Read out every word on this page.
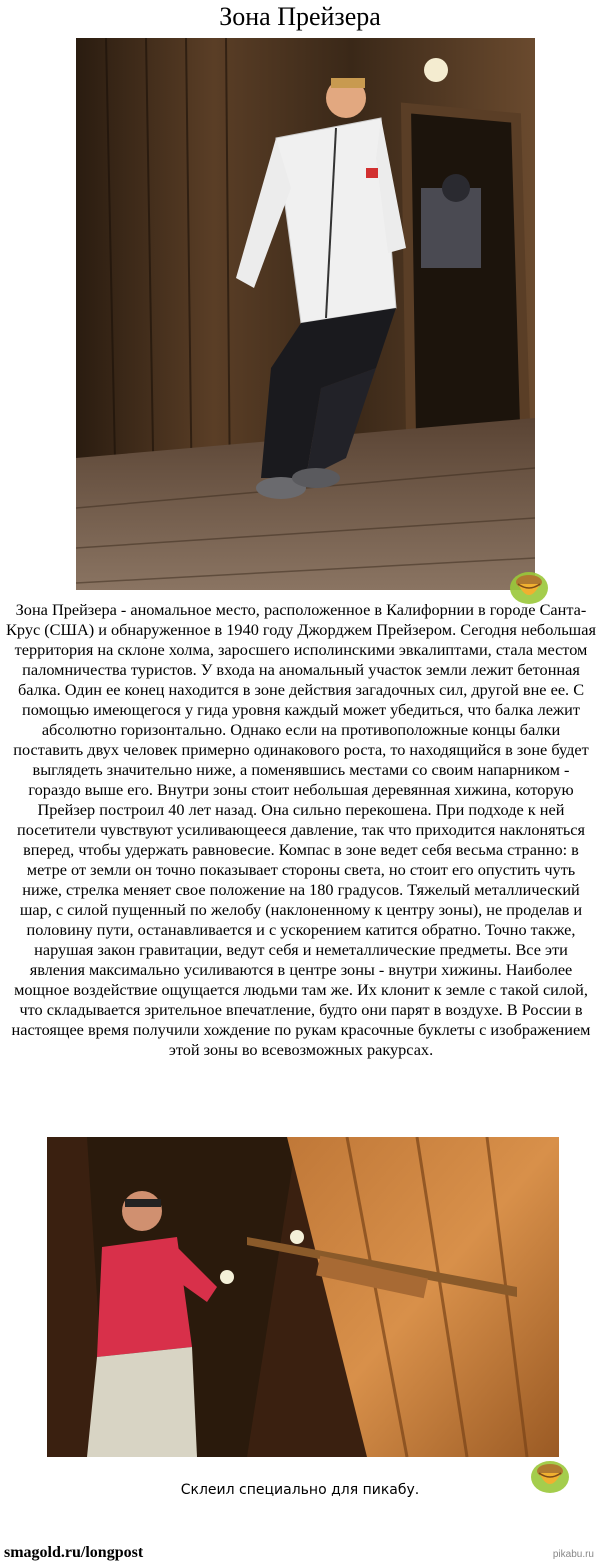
Зона Прейзера
Зона Прейзера - аномальное место, расположенное в Калифорнии в городе Санта-Крус (США) и обнаруженное в 1940 году Джорджем Прейзером. Сегодня небольшая территория на склоне холма, заросшего исполинскими эвкалиптами, стала местом паломничества туристов. У входа на аномальный участок земли лежит бетонная балка. Один ее конец находится в зоне действия загадочных сил, другой вне ее. С помощью имеющегося у гида уровня каждый может убедиться, что балка лежит абсолютно горизонтально. Однако если на противоположные концы балки поставить двух человек примерно одинакового роста, то находящийся в зоне будет выглядеть значительно ниже, а поменявшись местами со своим напарником - гораздо выше его. Внутри зоны стоит небольшая деревянная хижина, которую Прейзер построил 40 лет назад. Она сильно перекошена. При подходе к ней посетители чувствуют усиливающееся давление, так что приходится наклоняться вперед, чтобы удержать равновесие. Компас в зоне ведет себя весьма странно: в метре от земли он точно показывает стороны света, но стоит его опустить чуть ниже, стрелка меняет свое положение на 180 градусов. Тяжелый металлический шар, с силой пущенный по желобу (наклоненному к центру зоны), не проделав и половину пути, останавливается и с ускорением катится обратно. Точно также, нарушая закон гравитации, ведут себя и неметаллические предметы. Все эти явления максимально усиливаются в центре зоны - внутри хижины. Наиболее мощное воздействие ощущается людьми там же. Их клонит к земле с такой силой, что складывается зрительное впечатление, будто они парят в воздухе. В России в настоящее время получили хождение по рукам красочные буклеты с изображением этой зоны во всевозможных ракурсах.
Склеил специально для пикабу.
smagold.ru/longpost	pikabu.ru
